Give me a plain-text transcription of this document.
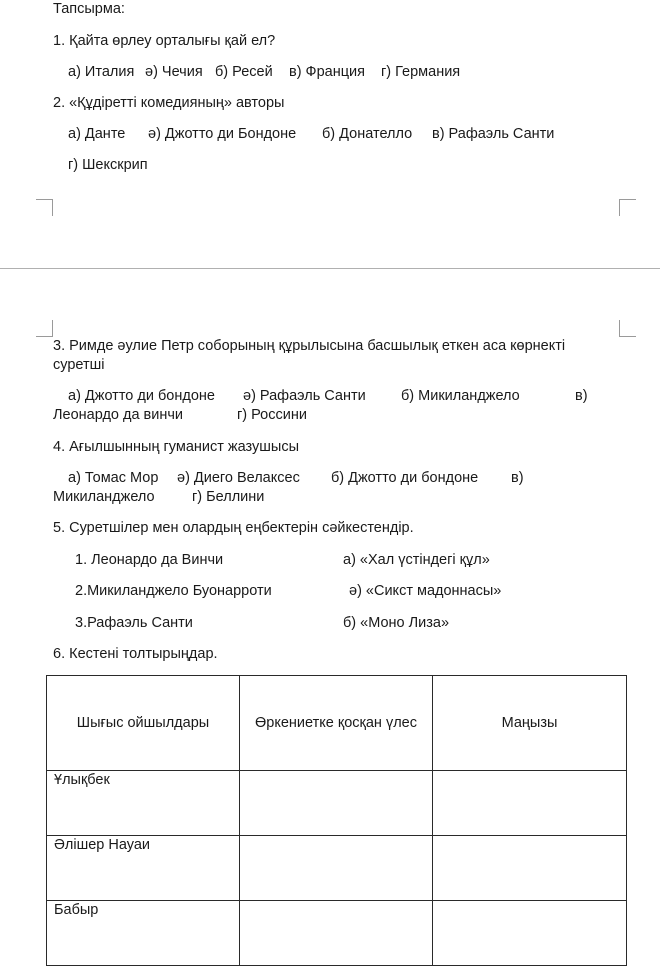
Тапсырма:
1. Қайта өрлеу орталығы қай ел?
а) Италия ә) Чечия б) Ресей в) Франция г) Германия
2. «Құдіретті комедияның» авторы
а) Данте ә) Джотто ди Бондоне б) Донателло в) Рафаэль Санти
г) Шекскрип
3. Римде әулие Петр соборының құрылысына басшылық еткен аса көрнекті
суретші
а) Джотто ди бондоне ә) Рафаэль Санти б) Микиланджело	в)
Леонардо да винчи	г) Россини
4. Ағылшынның гуманист жазушысы
а) Томас Мор ә) Диего Велаксес б) Джотто ди бондоне в)
Микиланджело	г) Беллини
5. Суретшілер мен олардың еңбектерін сәйкестендір.
1. Леонардо да Винчи	а) «Хал үстіндегі құл»
2.Микиланджело Буонарроти	ә) «Сикст мадоннасы»
3.Рафаэль Санти	б) «Моно Лиза»
6. Кестені толтырыңдар.
Шығыс ойшылдары	Өркениетке қосқан үлес	Маңызы
Ұлықбек		
Әлішер Науаи		
Бабыр		
